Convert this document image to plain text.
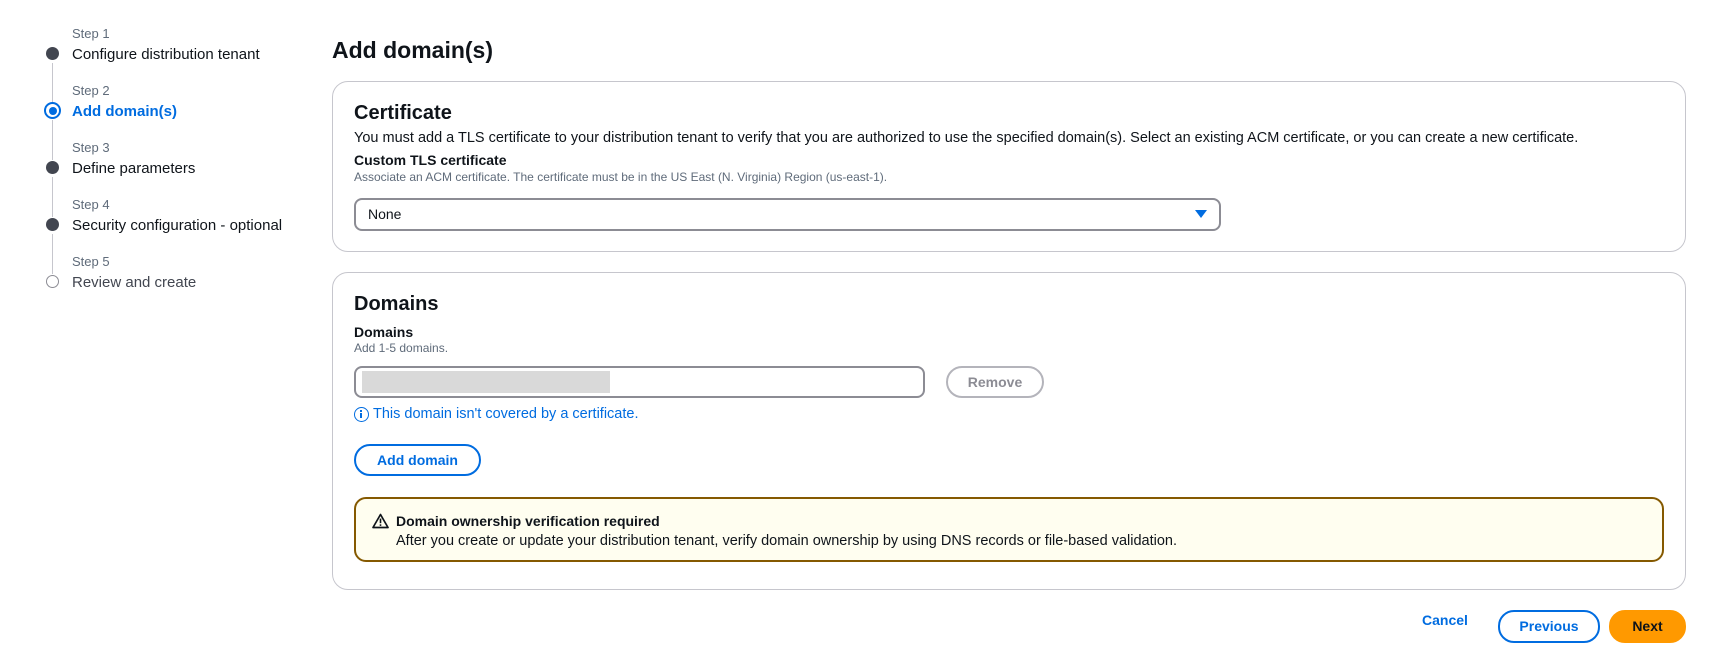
Step 1
Configure distribution tenant
Step 2
Add domain(s)
Step 3
Define parameters
Step 4
Security configuration - optional
Step 5
Review and create
Add domain(s)
Certificate

You must add a TLS certificate to your distribution tenant to verify that you are authorized to use the specified domain(s). Select an existing ACM certificate, or you can create a new certificate.

Custom TLS certificate
Associate an ACM certificate. The certificate must be in the US East (N. Virginia) Region (us-east-1).
None
Domains
Domains
Add 1-5 domains.
Remove
This domain isn't covered by a certificate.
Add domain
Domain ownership verification required
After you create or update your distribution tenant, verify domain ownership by using DNS records or file-based validation.
Cancel	Previous	Next
